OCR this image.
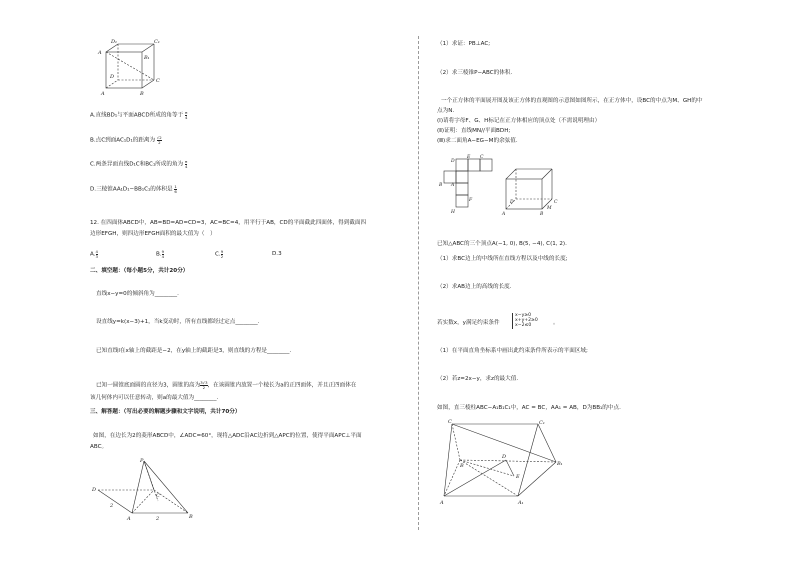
D₁	C₁
A
B₁
D
C
A	B
A.直线BD₁与平面ABCD所成的角等于 $\frac{\pi}{4}$
B.点C到面AC₁D₁的距离为 $\frac{√2}{2}$
C.两条异面直线D₁C和BC₁所成的角为 $\frac{\pi}{4}$
D.三棱锥AA₁D₁−BB₁C₁的体积是 $\frac{1}{6}$
12. 在四面体ABCD中，AB=BD=AD=CD=3，AC=BC=4，用平行于AB，CD的平面截此四面体，得到截面四
边形EFGH，则四边形EFGH面积的最大值为（　）
A. $\frac{4}{3}$	B. $\frac{9}{4}$	C. $\frac{9}{2}$	D.3
二、填空题：（每小题5分，共计20分）
直线x−y=0的倾斜角为________.
设直线y=k(x−3)+1，当k变动时，所有直线都经过定点________.
已知直线l在x轴上的截距是−2，在y轴上的截距是3，则直线的方程是________.
已知一圆锥底面圆的直径为3，圆锥的高为 $\frac{3√3}{2}$ ，在该圆锥内放置一个棱长为a的正四面体，并且正四面体在
该几何体内可以任意转动，则a的最大值为________.
三、解答题：（写出必要的解题步骤和文字说明，共计70分）
如图，在边长为2的菱形ABCD中，∠ADC=60°，现将△ADC沿AC边折到△APC的位置，使得平面APC⊥平面
ABC。
P
D
C
2
A	2	B
（1）求证：PB⊥AC;
（2）求三棱锥P−ABC的体积.
一个正方体的平面展开图及该正方体的直观图的示意图如图所示，在正方体中，设BC的中点为M、GH的中
点为N.
(Ⅰ)请将字母F、G、H标记在正方体相应的顶点处（不需说明理由）
(Ⅱ)证明：直线MN//平面BDH;
(Ⅲ)求二面角A−EG−M的余弦值.
D
E C
B A
F
H
D	C
A	B
M
已知△ABC的三个顶点A(−1, 0), B(5, −4), C(1, 2).
（1）求BC边上的中线所在直线方程以及中线的长度;
（2）求AB边上的高线的长度.
若实数x，y满足约束条件
x−y≥0
x+y+2≥0
x−2≤0	。
（1）在平面直角坐标系中画出此约束条件所表示的平面区域;
（2）若z=2x−y，求z的最大值.
如图，直三棱柱ABC−A₁B₁C₁中，AC = BC，AA₁ = AB，D为BB₁的中点.
C	C₁
B
D
B₁
E
A	A₁
